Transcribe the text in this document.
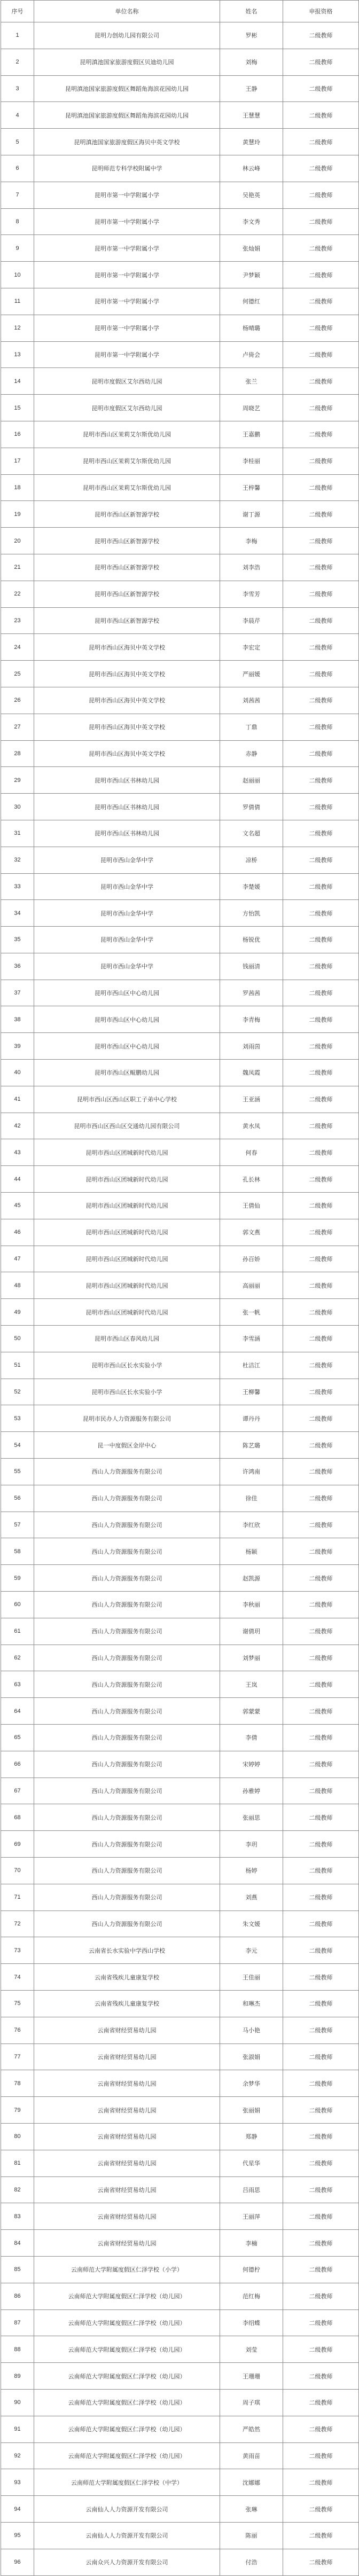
序号	单位名称	姓名	申报资格
1	昆明力创幼儿园有限公司	罗彬	二级教师
2	昆明滇池国家旅游度假区贝迪幼儿园	刘梅	二级教师
3	昆明滇池国家旅游度假区舞蹈角海滨花园幼儿园	王静	二级教师
4	昆明滇池国家旅游度假区舞蹈角海滨花园幼儿园	王慧慧	二级教师
5	昆明滇池国家旅游度假区海贝中英文学校	黄慧玲	二级教师
6	昆明师范专科学校附属中学	林云峰	二级教师
7	昆明市第一中学附属小学	吴艳英	二级教师
8	昆明市第一中学附属小学	李文秀	二级教师
9	昆明市第一中学附属小学	张灿娟	二级教师
10	昆明市第一中学附属小学	尹梦颖	二级教师
11	昆明市第一中学附属小学	何德红	二级教师
12	昆明市第一中学附属小学	杨晴璐	二级教师
13	昆明市第一中学附属小学	卢倚会	二级教师
14	昆明市度假区艾尔西幼儿园	张兰	二级教师
15	昆明市度假区艾尔西幼儿园	周晓艺	二级教师
16	昆明市西山区茉莉艾尔斯优幼儿园	王嘉鹏	二级教师
17	昆明市西山区茉莉艾尔斯优幼儿园	李桂丽	二级教师
18	昆明市西山区茉莉艾尔斯优幼儿园	王梓馨	二级教师
19	昆明市西山区新智源学校	谢丁源	二级教师
20	昆明市西山区新智源学校	李梅	二级教师
21	昆明市西山区新智源学校	刘李浩	二级教师
22	昆明市西山区新智源学校	李雪芳	二级教师
23	昆明市西山区新智源学校	李晨芹	二级教师
24	昆明市西山区海贝中英文学校	李宏定	二级教师
25	昆明市西山区海贝中英文学校	严丽媛	二级教师
26	昆明市西山区海贝中英文学校	刘茜茜	二级教师
27	昆明市西山区海贝中英文学校	丁鼎	二级教师
28	昆明市西山区海贝中英文学校	赤静	二级教师
29	昆明市西山区书林幼儿园	赵丽丽	二级教师
30	昆明市西山区书林幼儿园	罗倩倩	二级教师
31	昆明市西山区书林幼儿园	文名超	二级教师
32	昆明市西山金华中学	凉桥	二级教师
33	昆明市西山金华中学	李楚媛	二级教师
34	昆明市西山金华中学	方怡凯	二级教师
35	昆明市西山金华中学	杨锐优	二级教师
36	昆明市西山金华中学	钱丽清	二级教师
37	昆明市西山区中心幼儿园	罗茜茜	二级教师
38	昆明市西山区中心幼儿园	李青梅	二级教师
39	昆明市西山区中心幼儿园	刘雨茵	二级教师
40	昆明市西山区鲲鹏幼儿园	魏凤霞	二级教师
41	昆明市西山区西山区职工子弟中心学校	王亚涵	二级教师
42	昆明市西山区西山区交通幼儿园有限公司	黄水凤	二级教师
43	昆明市西山区团城新时代幼儿园	何春	二级教师
44	昆明市西山区团城新时代幼儿园	孔长林	二级教师
45	昆明市西山区团城新时代幼儿园	王倩仙	二级教师
46	昆明市西山区团城新时代幼儿园	郭文燕	二级教师
47	昆明市西山区团城新时代幼儿园	孙百娇	二级教师
48	昆明市西山区团城新时代幼儿园	高丽丽	二级教师
49	昆明市西山区团城新时代幼儿园	张一帆	二级教师
50	昆明市西山区春风幼儿园	李雪涵	二级教师
51	昆明市西山区长水实验小学	杜洁江	二级教师
52	昆明市西山区长水实验小学	王柳馨	二级教师
53	昆明市民办人力资源服务有限公司	谭丹丹	二级教师
54	昆一中度假区金岸中心	陈艺璐	二级教师
55	西山人力资源服务有限公司	许鸿南	二级教师
56	西山人力资源服务有限公司	徐佳	二级教师
57	西山人力资源服务有限公司	李红欣	二级教师
58	西山人力资源服务有限公司	杨颖	二级教师
59	西山人力资源服务有限公司	赵凯源	二级教师
60	西山人力资源服务有限公司	李秋丽	二级教师
61	西山人力资源服务有限公司	谢倩玥	二级教师
62	西山人力资源服务有限公司	刘梦丽	二级教师
63	西山人力资源服务有限公司	王岚	二级教师
64	西山人力资源服务有限公司	郭蒙蒙	二级教师
65	西山人力资源服务有限公司	李倩	二级教师
66	西山人力资源服务有限公司	宋婷婷	二级教师
67	西山人力资源服务有限公司	孙雅婷	二级教师
68	西山人力资源服务有限公司	张丽思	二级教师
69	西山人力资源服务有限公司	李玥	二级教师
70	西山人力资源服务有限公司	杨婷	二级教师
71	西山人力资源服务有限公司	刘燕	二级教师
72	西山人力资源服务有限公司	朱文媛	二级教师
73	云南省长水实验中学西山学校	李元	二级教师
74	云南省残疾儿童康复学校	王佳丽	二级教师
75	云南省残疾儿童康复学校	和琳杰	二级教师
76	云南省财经贸易幼儿园	马小艳	二级教师
77	云南省财经贸易幼儿园	张淑娟	二级教师
78	云南省财经贸易幼儿园	余梦华	二级教师
79	云南省财经贸易幼儿园	张丽娟	二级教师
80	云南省财经贸易幼儿园	郑静	二级教师
81	云南省财经贸易幼儿园	代星华	二级教师
82	云南省财经贸易幼儿园	吕雨思	二级教师
83	云南省财经贸易幼儿园	王丽萍	二级教师
84	云南省财经贸易幼儿园	李楠	二级教师
85	云南师范大学附属度假区仁泽学校（小学）	何德柠	二级教师
86	云南师范大学附属度假区仁泽学校（幼儿园）	范红梅	二级教师
87	云南师范大学附属度假区仁泽学校（幼儿园）	李绍蝶	二级教师
88	云南师范大学附属度假区仁泽学校（幼儿园）	刘莹	二级教师
89	云南师范大学附属度假区仁泽学校（幼儿园）	王珊珊	二级教师
90	云南师范大学附属度假区仁泽学校（幼儿园）	周子琪	二级教师
91	云南师范大学附属度假区仁泽学校（幼儿园）	严皓然	二级教师
92	云南师范大学附属度假区仁泽学校（幼儿园）	黄雨苗	二级教师
93	云南师范大学附属度假区仁泽学校（中学）	沈娜娜	二级教师
94	云南仙人人力资源开发有限公司	张琳	二级教师
95	云南仙人人力资源开发有限公司	陈丽	二级教师
96	云南众兴人力资源开发有限公司	付浩	二级教师
